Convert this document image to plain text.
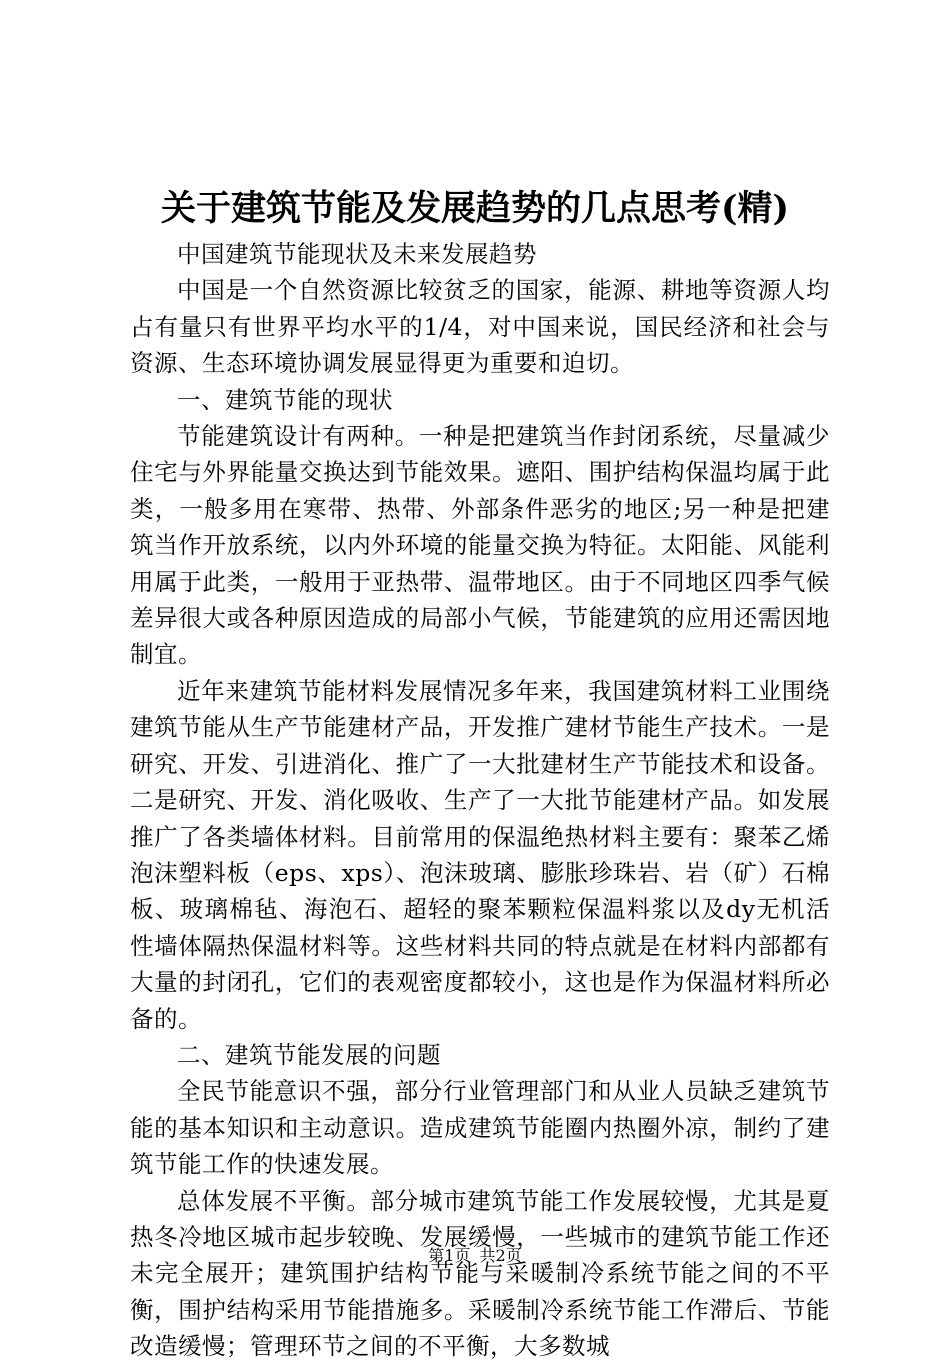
关于建筑节能及发展趋势的几点思考(精)

中国建筑节能现状及未来发展趋势

中国是一个自然资源比较贫乏的国家，能源、耕地等资源人均占有量只有世界平均水平的1/4，对中国来说，国民经济和社会与资源、生态环境协调发展显得更为重要和迫切。

一、建筑节能的现状

节能建筑设计有两种。一种是把建筑当作封闭系统，尽量减少住宅与外界能量交换达到节能效果。遮阳、围护结构保温均属于此类，一般多用在寒带、热带、外部条件恶劣的地区;另一种是把建筑当作开放系统，以内外环境的能量交换为特征。太阳能、风能利用属于此类，一般用于亚热带、温带地区。由于不同地区四季气候差异很大或各种原因造成的局部小气候，节能建筑的应用还需因地制宜。

近年来建筑节能材料发展情况多年来，我国建筑材料工业围绕建筑节能从生产节能建材产品，开发推广建材节能生产技术。一是研究、开发、引进消化、推广了一大批建材生产节能技术和设备。二是研究、开发、消化吸收、生产了一大批节能建材产品。如发展推广了各类墙体材料。目前常用的保温绝热材料主要有：聚苯乙烯泡沫塑料板（eps、xps）、泡沫玻璃、膨胀珍珠岩、岩（矿）石棉板、玻璃棉毡、海泡石、超轻的聚苯颗粒保温料浆以及dy无机活性墙体隔热保温材料等。这些材料共同的特点就是在材料内部都有大量的封闭孔，它们的表观密度都较小，这也是作为保温材料所必备的。

二、建筑节能发展的问题

全民节能意识不强，部分行业管理部门和从业人员缺乏建筑节能的基本知识和主动意识。造成建筑节能圈内热圈外凉，制约了建筑节能工作的快速发展。

总体发展不平衡。部分城市建筑节能工作发展较慢，尤其是夏热冬冷地区城市起步较晚、发展缓慢，一些城市的建筑节能工作还未完全展开；建筑围护结构节能与采暖制冷系统节能之间的不平衡，围护结构采用节能措施多。采暖制冷系统节能工作滞后、节能改造缓慢；管理环节之间的不平衡，大多数城

第1页 共2页
